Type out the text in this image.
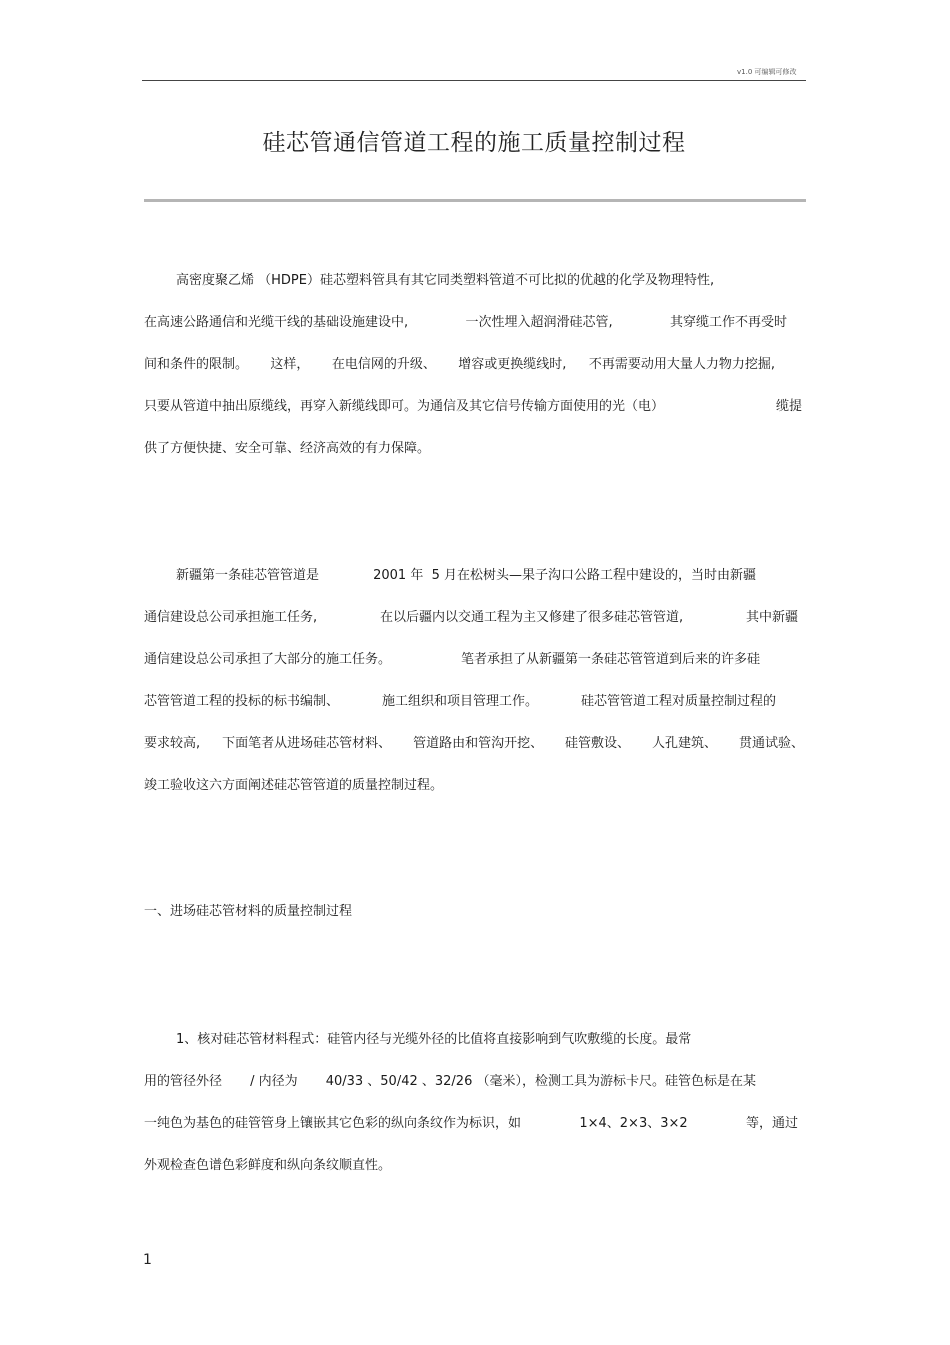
v1.0 可编辑可修改
硅芯管通信管道工程的施工质量控制过程
高密度聚乙烯 （HDPE）硅芯塑料管具有其它同类塑料管道不可比拟的优越的化学及物理特性,
在高速公路通信和光缆干线的基础设施建设中,	一次性埋入超润滑硅芯管,	其穿缆工作不再受时
间和条件的限制。 这样， 在电信网的升级、 增容或更换缆线时, 不再需要动用大量人力物力挖掘,
只要从管道中抽出原缆线，再穿入新缆线即可。为通信及其它信号传输方面使用的光（电）	缆提
供了方便快捷、安全可靠、经济高效的有力保障。
新疆第一条硅芯管管道是	2001 年  5 月在松树头—果子沟口公路工程中建设的，当时由新疆
通信建设总公司承担施工任务,	在以后疆内以交通工程为主又修建了很多硅芯管管道,	其中新疆
通信建设总公司承担了大部分的施工任务。	笔者承担了从新疆第一条硅芯管管道到后来的许多硅
芯管管道工程的投标的标书编制、	施工组织和项目管理工作。	硅芯管管道工程对质量控制过程的
要求较高, 下面笔者从进场硅芯管材料、 管道路由和管沟开挖、 硅管敷设、 人孔建筑、 贯通试验、
竣工验收这六方面阐述硅芯管管道的质量控制过程。
一、进场硅芯管材料的质量控制过程
1、核对硅芯管材料程式：硅管内径与光缆外径的比值将直接影响到气吹敷缆的长度。最常
用的管径外径 / 内径为 40/33 、50/42 、32/26 （毫米），检测工具为游标卡尺。硅管色标是在某
一纯色为基色的硅管管身上镶嵌其它色彩的纵向条纹作为标识，如	1×4、2×3、3×2	等，通过
外观检查色谱色彩鲜度和纵向条纹顺直性。
1
